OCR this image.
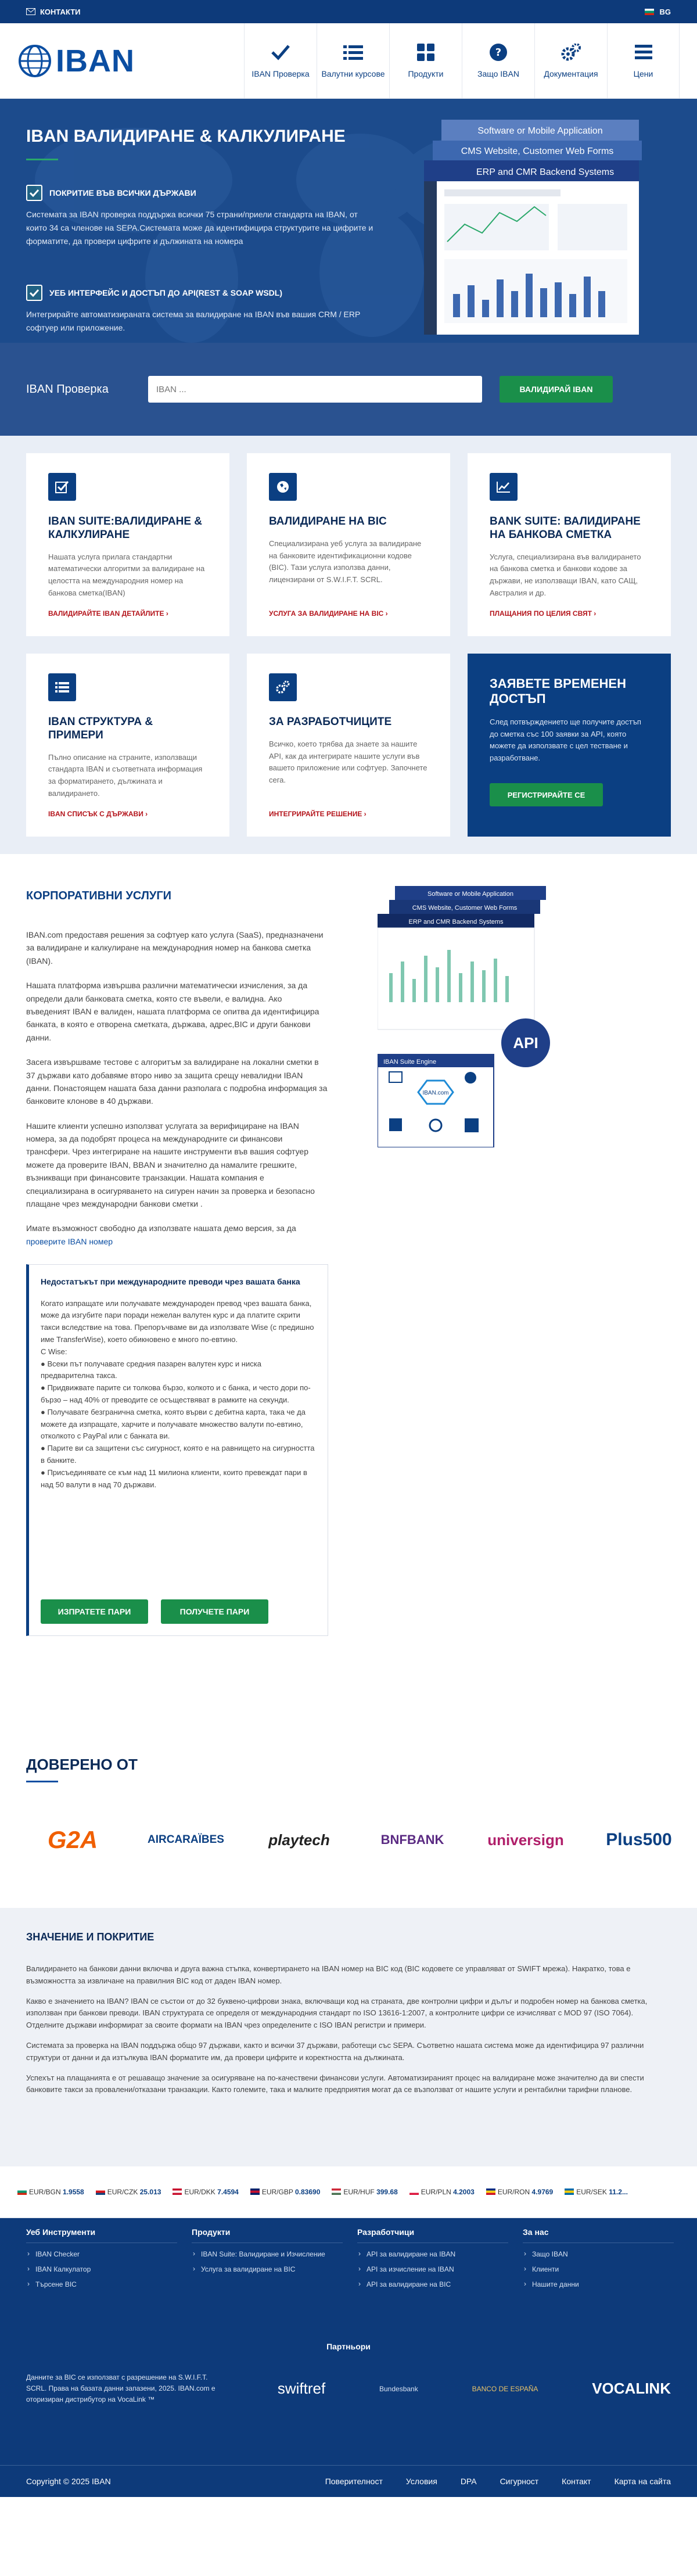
КОНТАКТИ	BG
IBAN	IBAN Проверка Валутни курсове	Продукти
?
Защо IBAN	Документация	Цени
IBAN ВАЛИДИРАНЕ & КАЛКУЛИРАНЕ
ПОКРИТИЕ ВЪВ ВСИЧКИ ДЪРЖАВИ
Системата за IBAN проверка поддържа всички 75 страни/приели стандарта на IBAN, от които 34 са членове на SEPA.Системата може да идентифицира структурите на цифрите и форматите, да провери цифрите и дължината на номера
УЕБ ИНТЕРФЕЙС И ДОСТЪП ДО API(REST & SOAP WSDL)
Интегрирайте автоматизираната система за валидиране на IBAN във вашия CRM / ERP софтуер или приложение.
Software or Mobile Application
CMS Website, Customer Web Forms
ERP and CMR Backend Systems
IBAN Проверка
IBAN ...	ВАЛИДИРАЙ IBAN
IBAN SUITE:ВАЛИДИРАНЕ & КАЛКУЛИРАНЕ

Нашата услуга прилага стандартни математически алгоритми за валидиране на целостта на международния номер на банкова сметка(IBAN)

ВАЛИДИРАЙТЕ IBAN ДЕТАЙЛИТЕ ›
ВАЛИДИРАНЕ НА BIC

Специализирана уеб услуга за валидиране на банковите идентификационни кодове (BIC). Тази услуга използва данни, лицензирани от S.W.I.F.T. SCRL.

УСЛУГА ЗА ВАЛИДИРАНЕ НА BIC ›
BANK SUITE: ВАЛИДИРАНЕ НА БАНКОВА СМЕТКА

Услуга, специализирана във валидирането на банкова сметка и банкови кодове за държави, не използващи IBAN, като САЩ, Австралия и др.

ПЛАЩАНИЯ ПО ЦЕЛИЯ СВЯТ ›
IBAN СТРУКТУРА & ПРИМЕРИ

Пълно описание на страните, използващи стандарта IBAN и съответната информация за форматирането, дължината и валидирането.

IBAN СПИСЪК С ДЪРЖАВИ ›
ЗА РАЗРАБОТЧИЦИТЕ

Всичко, което трябва да знаете за нашите API, как да интегрирате нашите услуги във вашето приложение или софтуер. Започнете сега.

ИНТЕГРИРАЙТЕ РЕШЕНИЕ ›
ЗАЯВЕТЕ ВРЕМЕНЕН ДОСТЪП

След потвърждението ще получите достъп до сметка със 100 заявки за API, която можете да използвате с цел тестване и разработване.

РЕГИСТРИРАЙТЕ СЕ
КОРПОРАТИВНИ УСЛУГИ

IBAN.com предоставя решения за софтуер като услуга (SaaS), предназначени за валидиране и калкулиране на международния номер на банкова сметка (IBAN).

Нашата платформа извършва различни математически изчисления, за да определи дали банковата сметка, която сте въвели, е валидна. Ако въведеният IBAN е валиден, нашата платформа се опитва да идентифицира банката, в която е отворена сметката, държава, адрес,BIC и други банкови данни.

Засега извършваме тестове с алгоритъм за валидиране на локални сметки в 37 държави като добавяме второ ниво за защита срещу невалидни IBAN данни. Понастоящем нашата база данни разполага с подробна информация за банковите клонове в 40 държави.

Нашите клиенти успешно използват услугата за верифициране на IBAN номера, за да подобрят процеса на международните си финансови трансфери. Чрез интегриране на нашите инструменти във вашия софтуер можете да проверите IBAN, BBAN и значително да намалите грешките, възникващи при финансовите транзакции. Нашата компания е специализирана в осигуряването на сигурен начин за проверка и безопасно плащане чрез международни банкови сметки .

Имате възможност свободно да използвате нашата демо версия, за да проверите IBAN номер

Недостатъкът при международните преводи чрез вашата банка
Когато изпращате или получавате международен превод чрез вашата банка, може да изгубите пари поради нежелан валутен курс и да платите скрити такси вследствие на това. Препоръчваме ви да използвате Wise (с предишно име TransferWise), което обикновено е много по-евтино.
С Wise:
● Всеки път получавате средния пазарен валутен курс и ниска предварителна такса.
● Придвижвате парите си толкова бързо, колкото и с банка, и често дори по-бързо – над 40% от преводите се осъществяват в рамките на секунди.
● Получавате безгранична сметка, която върви с дебитна карта, така че да можете да изпращате, харчите и получавате множество валути по-евтино, отколкото с PayPal или с банката ви.
● Парите ви са защитени със сигурност, която е на равнището на сигурността в банките.
● Присъединявате се към над 11 милиона клиенти, които превеждат пари в над 50 валути в над 70 държави.
ИЗПРАТЕТЕ ПАРИ	ПОЛУЧЕТЕ ПАРИ
Software or Mobile Application
CMS Website, Customer Web Forms
ERP and CMR Backend Systems
API
IBAN Suite Engine
IBAN.com
ДОВЕРЕНО ОТ
G2A	AIRCARAÏBES	playtech	BNFBANK	universign	Plus500
ЗНАЧЕНИЕ И ПОКРИТИЕ

Валидирането на банкови данни включва и друга важна стъпка, конвертирането на IBAN номер на BIC код (BIC кодовете се управляват от SWIFT мрежа). Накратко, това е възможността за извличане на правилния BIC код от даден IBAN номер.

Какво е значението на IBAN? IBAN се състои от до 32 буквено-цифрови знака, включващи код на страната, две контролни цифри и дълъг и подробен номер на банкова сметка, използван при банкови преводи. IBAN структурата се определя от международния стандарт по ISO 13616-1:2007, а контролните цифри се изчисляват с MOD 97 (ISO 7064). Отделните държави информират за своите формати на IBAN чрез определените с ISO IBAN регистри и примери.

Системата за проверка на IBAN поддържа общо 97 държави, както и всички 37 държави, работещи със SEPA. Съответно нашата система може да идентифицира 97 различни структури от данни и да изтълкува IBAN форматите им, да провери цифрите и коректността на дължината.

Успехът на плащанията е от решаващо значение за осигуряване на по-качествени финансови услуги. Автоматизираният процес на валидиране може значително да ви спести банковите такси за провалени/отказани транзакции. Както големите, така и малките предприятия могат да се възползват от нашите услуги и рентабилни тарифни планове.

EUR/BGN 1.9558	EUR/CZK 25.013	EUR/DKK 7.4594	EUR/GBP 0.83690	EUR/HUF 399.68	EUR/PLN 4.2003	EUR/RON 4.9769	EUR/SEK 11.2...
Уеб Инструменти
› IBAN Checker
› IBAN Калкулатор
› Търсене BIC
Продукти
› IBAN Suite: Валидиране и Изчисление
› Услуга за валидиране на BIC
Разработчици
› API за валидиране на IBAN
› API за изчисление на IBAN
› API за валидиране на BIC
За нас
› Защо IBAN
› Клиенти
› Нашите данни
Партньори
Данните за BIC се използват с разрешение на S.W.I.F.T. SCRL. Права на базата данни запазени, 2025. IBAN.com е оторизиран дистрибутор на VocaLink ™
swiftref	Bundesbank	BANCO DE ESPAÑA	VOCALINK
Copyright © 2025 IBAN	Поверителност	Условия	DPA	Сигурност	Контакт	Карта на сайта
